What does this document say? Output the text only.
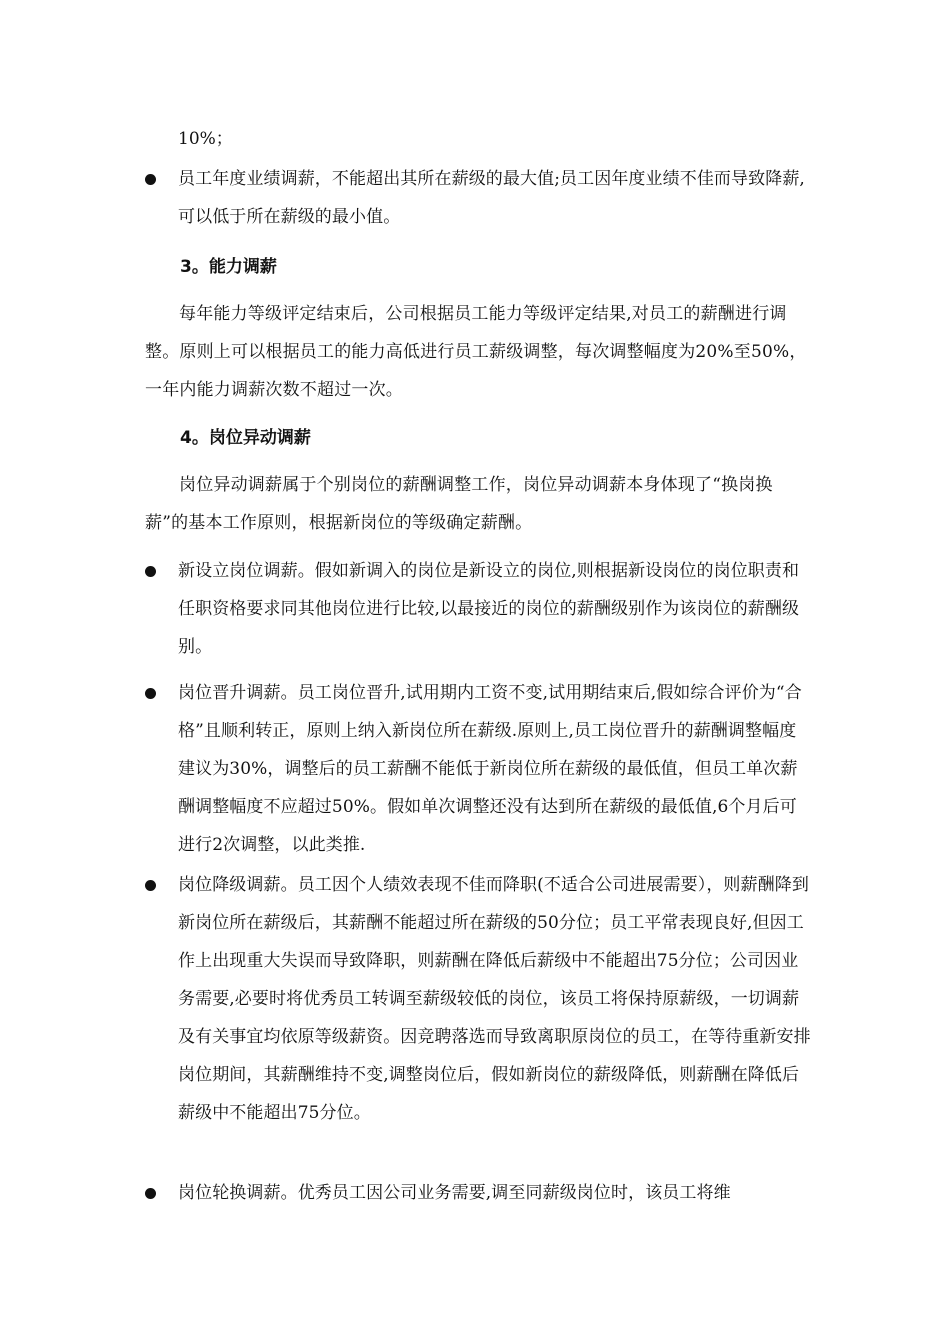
10%；

员工年度业绩调薪，不能超出其所在薪级的最大值;员工因年度业绩不佳而导致降薪,可以低于所在薪级的最小值。

3。能力调薪

每年能力等级评定结束后，公司根据员工能力等级评定结果,对员工的薪酬进行调整。原则上可以根据员工的能力高低进行员工薪级调整，每次调整幅度为20%至50%，一年内能力调薪次数不超过一次。

4。岗位异动调薪

岗位异动调薪属于个别岗位的薪酬调整工作，岗位异动调薪本身体现了“换岗换薪”的基本工作原则，根据新岗位的等级确定薪酬。

新设立岗位调薪。假如新调入的岗位是新设立的岗位,则根据新设岗位的岗位职责和任职资格要求同其他岗位进行比较,以最接近的岗位的薪酬级别作为该岗位的薪酬级别。

岗位晋升调薪。员工岗位晋升,试用期内工资不变,试用期结束后,假如综合评价为“合格”且顺利转正，原则上纳入新岗位所在薪级.原则上,员工岗位晋升的薪酬调整幅度建议为30%，调整后的员工薪酬不能低于新岗位所在薪级的最低值，但员工单次薪酬调整幅度不应超过50%。假如单次调整还没有达到所在薪级的最低值,6个月后可进行2次调整，以此类推.

岗位降级调薪。员工因个人绩效表现不佳而降职(不适合公司进展需要），则薪酬降到新岗位所在薪级后，其薪酬不能超过所在薪级的50分位；员工平常表现良好,但因工作上出现重大失误而导致降职，则薪酬在降低后薪级中不能超出75分位；公司因业务需要,必要时将优秀员工转调至薪级较低的岗位，该员工将保持原薪级，一切调薪及有关事宜均依原等级薪资。因竞聘落选而导致离职原岗位的员工，在等待重新安排岗位期间，其薪酬维持不变,调整岗位后，假如新岗位的薪级降低，则薪酬在降低后薪级中不能超出75分位。

岗位轮换调薪。优秀员工因公司业务需要,调至同薪级岗位时，该员工将维
